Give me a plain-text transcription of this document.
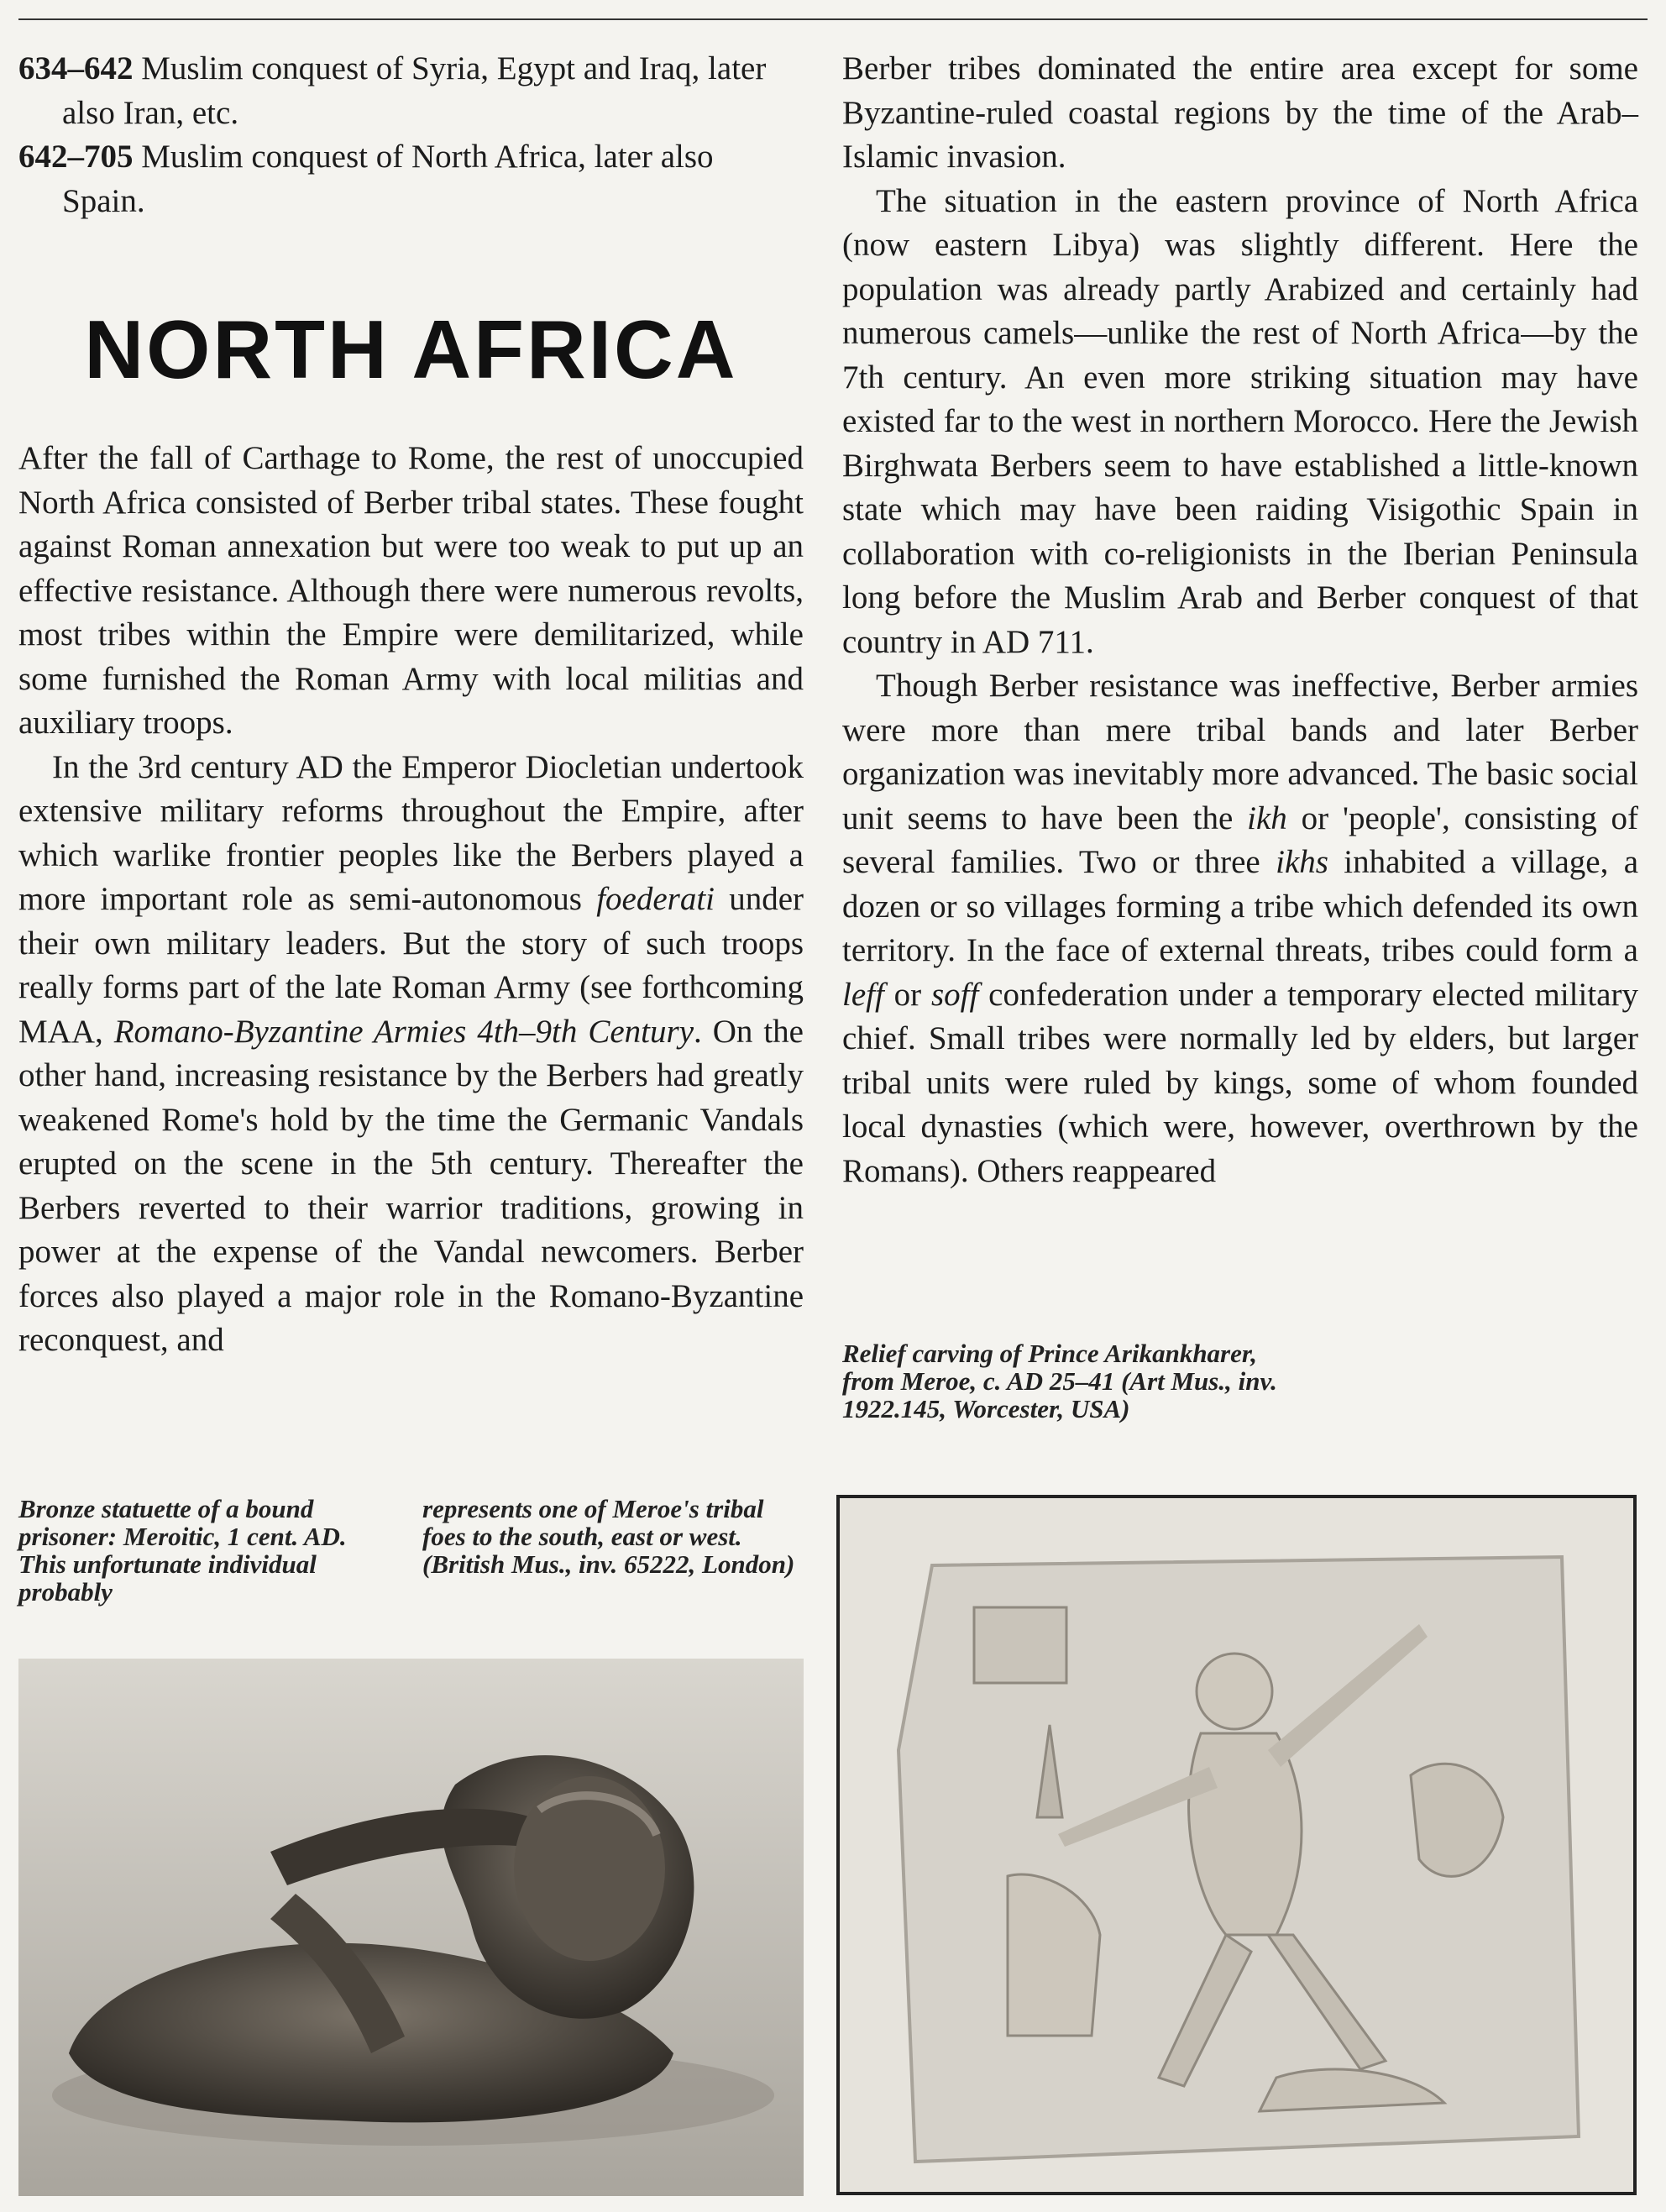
634–642 Muslim conquest of Syria, Egypt and Iraq, later also Iran, etc.

642–705 Muslim conquest of North Africa, later also Spain.

NORTH AFRICA

After the fall of Carthage to Rome, the rest of unoccupied North Africa consisted of Berber tribal states. These fought against Roman annexation but were too weak to put up an effective resistance. Although there were numerous revolts, most tribes within the Empire were demilitarized, while some furnished the Roman Army with local militias and auxiliary troops.

In the 3rd century AD the Emperor Diocletian undertook extensive military reforms throughout the Empire, after which warlike frontier peoples like the Berbers played a more important role as semi-autonomous foederati under their own military leaders. But the story of such troops really forms part of the late Roman Army (see forthcoming MAA, Romano-Byzantine Armies 4th–9th Century. On the other hand, increasing resistance by the Berbers had greatly weakened Rome's hold by the time the Germanic Vandals erupted on the scene in the 5th century. Thereafter the Berbers reverted to their warrior traditions, growing in power at the expense of the Vandal newcomers. Berber forces also played a major role in the Romano-Byzantine reconquest, and

Berber tribes dominated the entire area except for some Byzantine-ruled coastal regions by the time of the Arab–Islamic invasion.

The situation in the eastern province of North Africa (now eastern Libya) was slightly different. Here the population was already partly Arabized and certainly had numerous camels—unlike the rest of North Africa—by the 7th century. An even more striking situation may have existed far to the west in northern Morocco. Here the Jewish Birghwata Berbers seem to have established a little-known state which may have been raiding Visigothic Spain in collaboration with co-religionists in the Iberian Peninsula long before the Muslim Arab and Berber conquest of that country in AD 711.

Though Berber resistance was ineffective, Berber armies were more than mere tribal bands and later Berber organization was inevitably more advanced. The basic social unit seems to have been the ikh or 'people', consisting of several families. Two or three ikhs inhabited a village, a dozen or so villages forming a tribe which defended its own territory. In the face of external threats, tribes could form a leff or soff confederation under a temporary elected military chief. Small tribes were normally led by elders, but larger tribal units were ruled by kings, some of whom founded local dynasties (which were, however, overthrown by the Romans). Others reappeared

Bronze statuette of a bound prisoner: Meroitic, 1 cent. AD. This unfortunate individual probably
represents one of Meroe's tribal foes to the south, east or west. (British Mus., inv. 65222, London)
Relief carving of Prince Arikankharer, from Meroe, c. AD 25–41 (Art Mus., inv. 1922.145, Worcester, USA)
